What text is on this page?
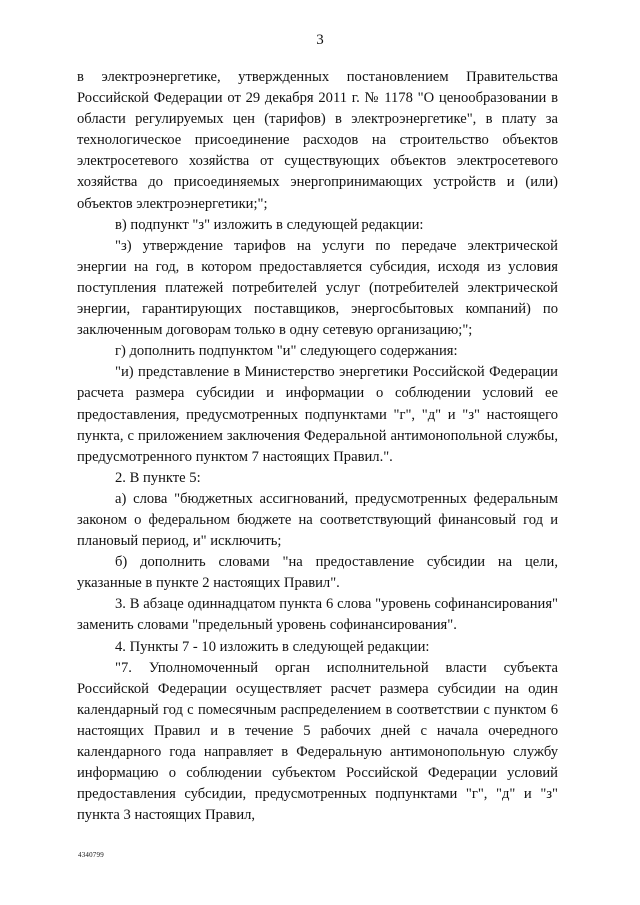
3

в электроэнергетике, утвержденных постановлением Правительства Российской Федерации от 29 декабря 2011 г. № 1178 "О ценообразовании в области регулируемых цен (тарифов) в электроэнергетике", в плату за технологическое присоединение расходов на строительство объектов электросетевого хозяйства от существующих объектов электросетевого хозяйства до присоединяемых энергопринимающих устройств и (или) объектов электроэнергетики;";

в) подпункт "з" изложить в следующей редакции:

"з) утверждение тарифов на услуги по передаче электрической энергии на год, в котором предоставляется субсидия, исходя из условия поступления платежей потребителей услуг (потребителей электрической энергии, гарантирующих поставщиков, энергосбытовых компаний) по заключенным договорам только в одну сетевую организацию;";

г) дополнить подпунктом "и" следующего содержания:

"и) представление в Министерство энергетики Российской Федерации расчета размера субсидии и информации о соблюдении условий ее предоставления, предусмотренных подпунктами "г", "д" и "з" настоящего пункта, с приложением заключения Федеральной антимонопольной службы, предусмотренного пунктом 7 настоящих Правил.".

2. В пункте 5:

а) слова "бюджетных ассигнований, предусмотренных федеральным законом о федеральном бюджете на соответствующий финансовый год и плановый период, и" исключить;

б) дополнить словами "на предоставление субсидии на цели, указанные в пункте 2 настоящих Правил".

3. В абзаце одиннадцатом пункта 6 слова "уровень софинансирования" заменить словами "предельный уровень софинансирования".

4. Пункты 7 - 10 изложить в следующей редакции:

"7. Уполномоченный орган исполнительной власти субъекта Российской Федерации осуществляет расчет размера субсидии на один календарный год с помесячным распределением в соответствии с пунктом 6 настоящих Правил и в течение 5 рабочих дней с начала очередного календарного года направляет в Федеральную антимонопольную службу информацию о соблюдении субъектом Российской Федерации условий предоставления субсидии, предусмотренных подпунктами "г", "д" и "з" пункта 3 настоящих Правил,

4340799
